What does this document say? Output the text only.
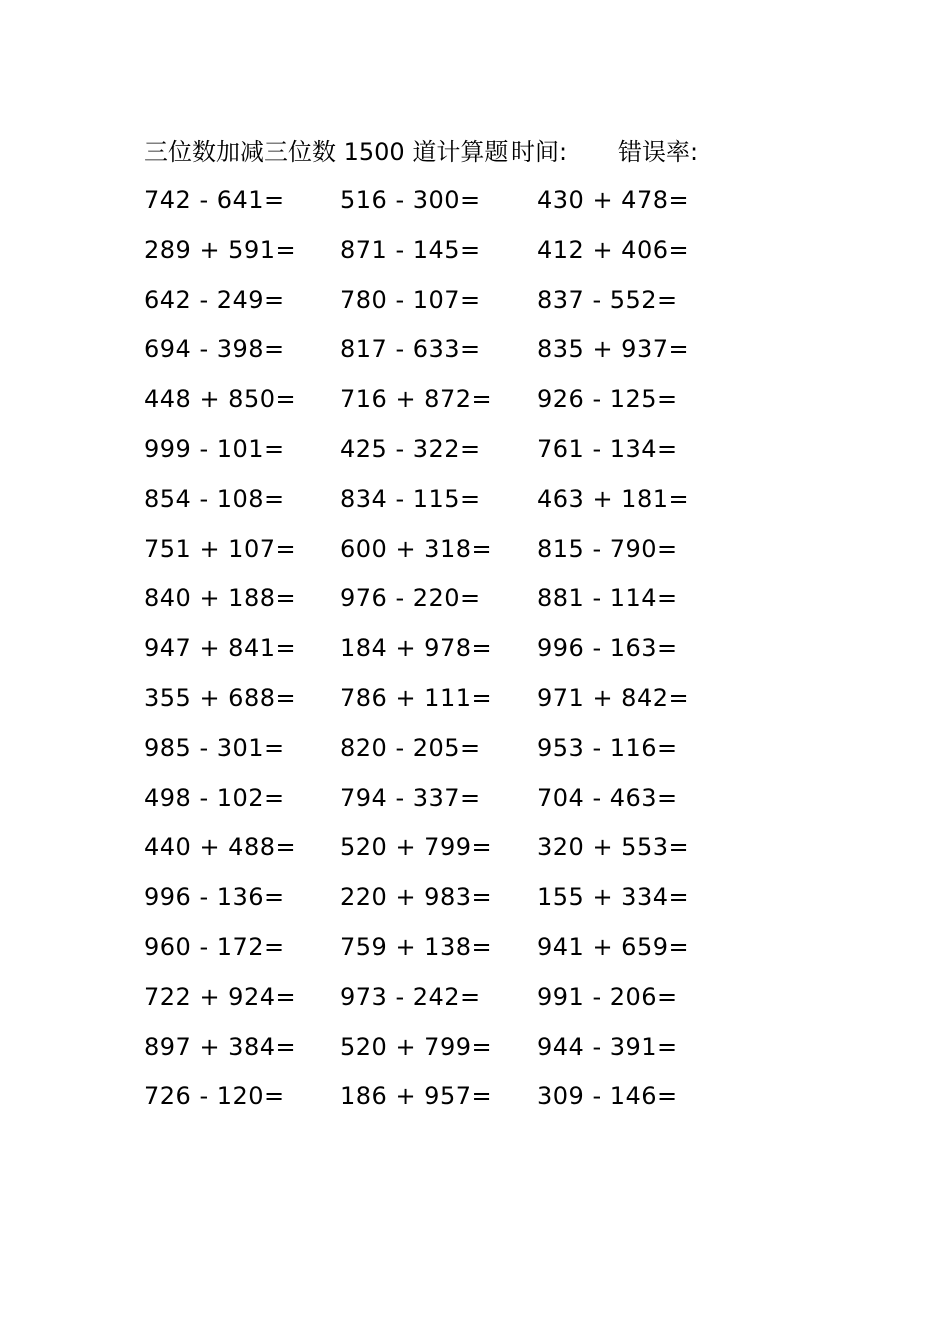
三位数加减三位数 1500 道计算题 时间: 错误率:
742 - 641= 516 - 300= 430 + 478=
289 + 591= 871 - 145= 412 + 406=
642 - 249= 780 - 107= 837 - 552=
694 - 398= 817 - 633= 835 + 937=
448 + 850= 716 + 872= 926 - 125=
999 - 101= 425 - 322= 761 - 134=
854 - 108= 834 - 115= 463 + 181=
751 + 107= 600 + 318= 815 - 790=
840 + 188= 976 - 220= 881 - 114=
947 + 841= 184 + 978= 996 - 163=
355 + 688= 786 + 111= 971 + 842=
985 - 301= 820 - 205= 953 - 116=
498 - 102= 794 - 337= 704 - 463=
440 + 488= 520 + 799= 320 + 553=
996 - 136= 220 + 983= 155 + 334=
960 - 172= 759 + 138= 941 + 659=
722 + 924= 973 - 242= 991 - 206=
897 + 384= 520 + 799= 944 - 391=
726 - 120= 186 + 957= 309 - 146=
